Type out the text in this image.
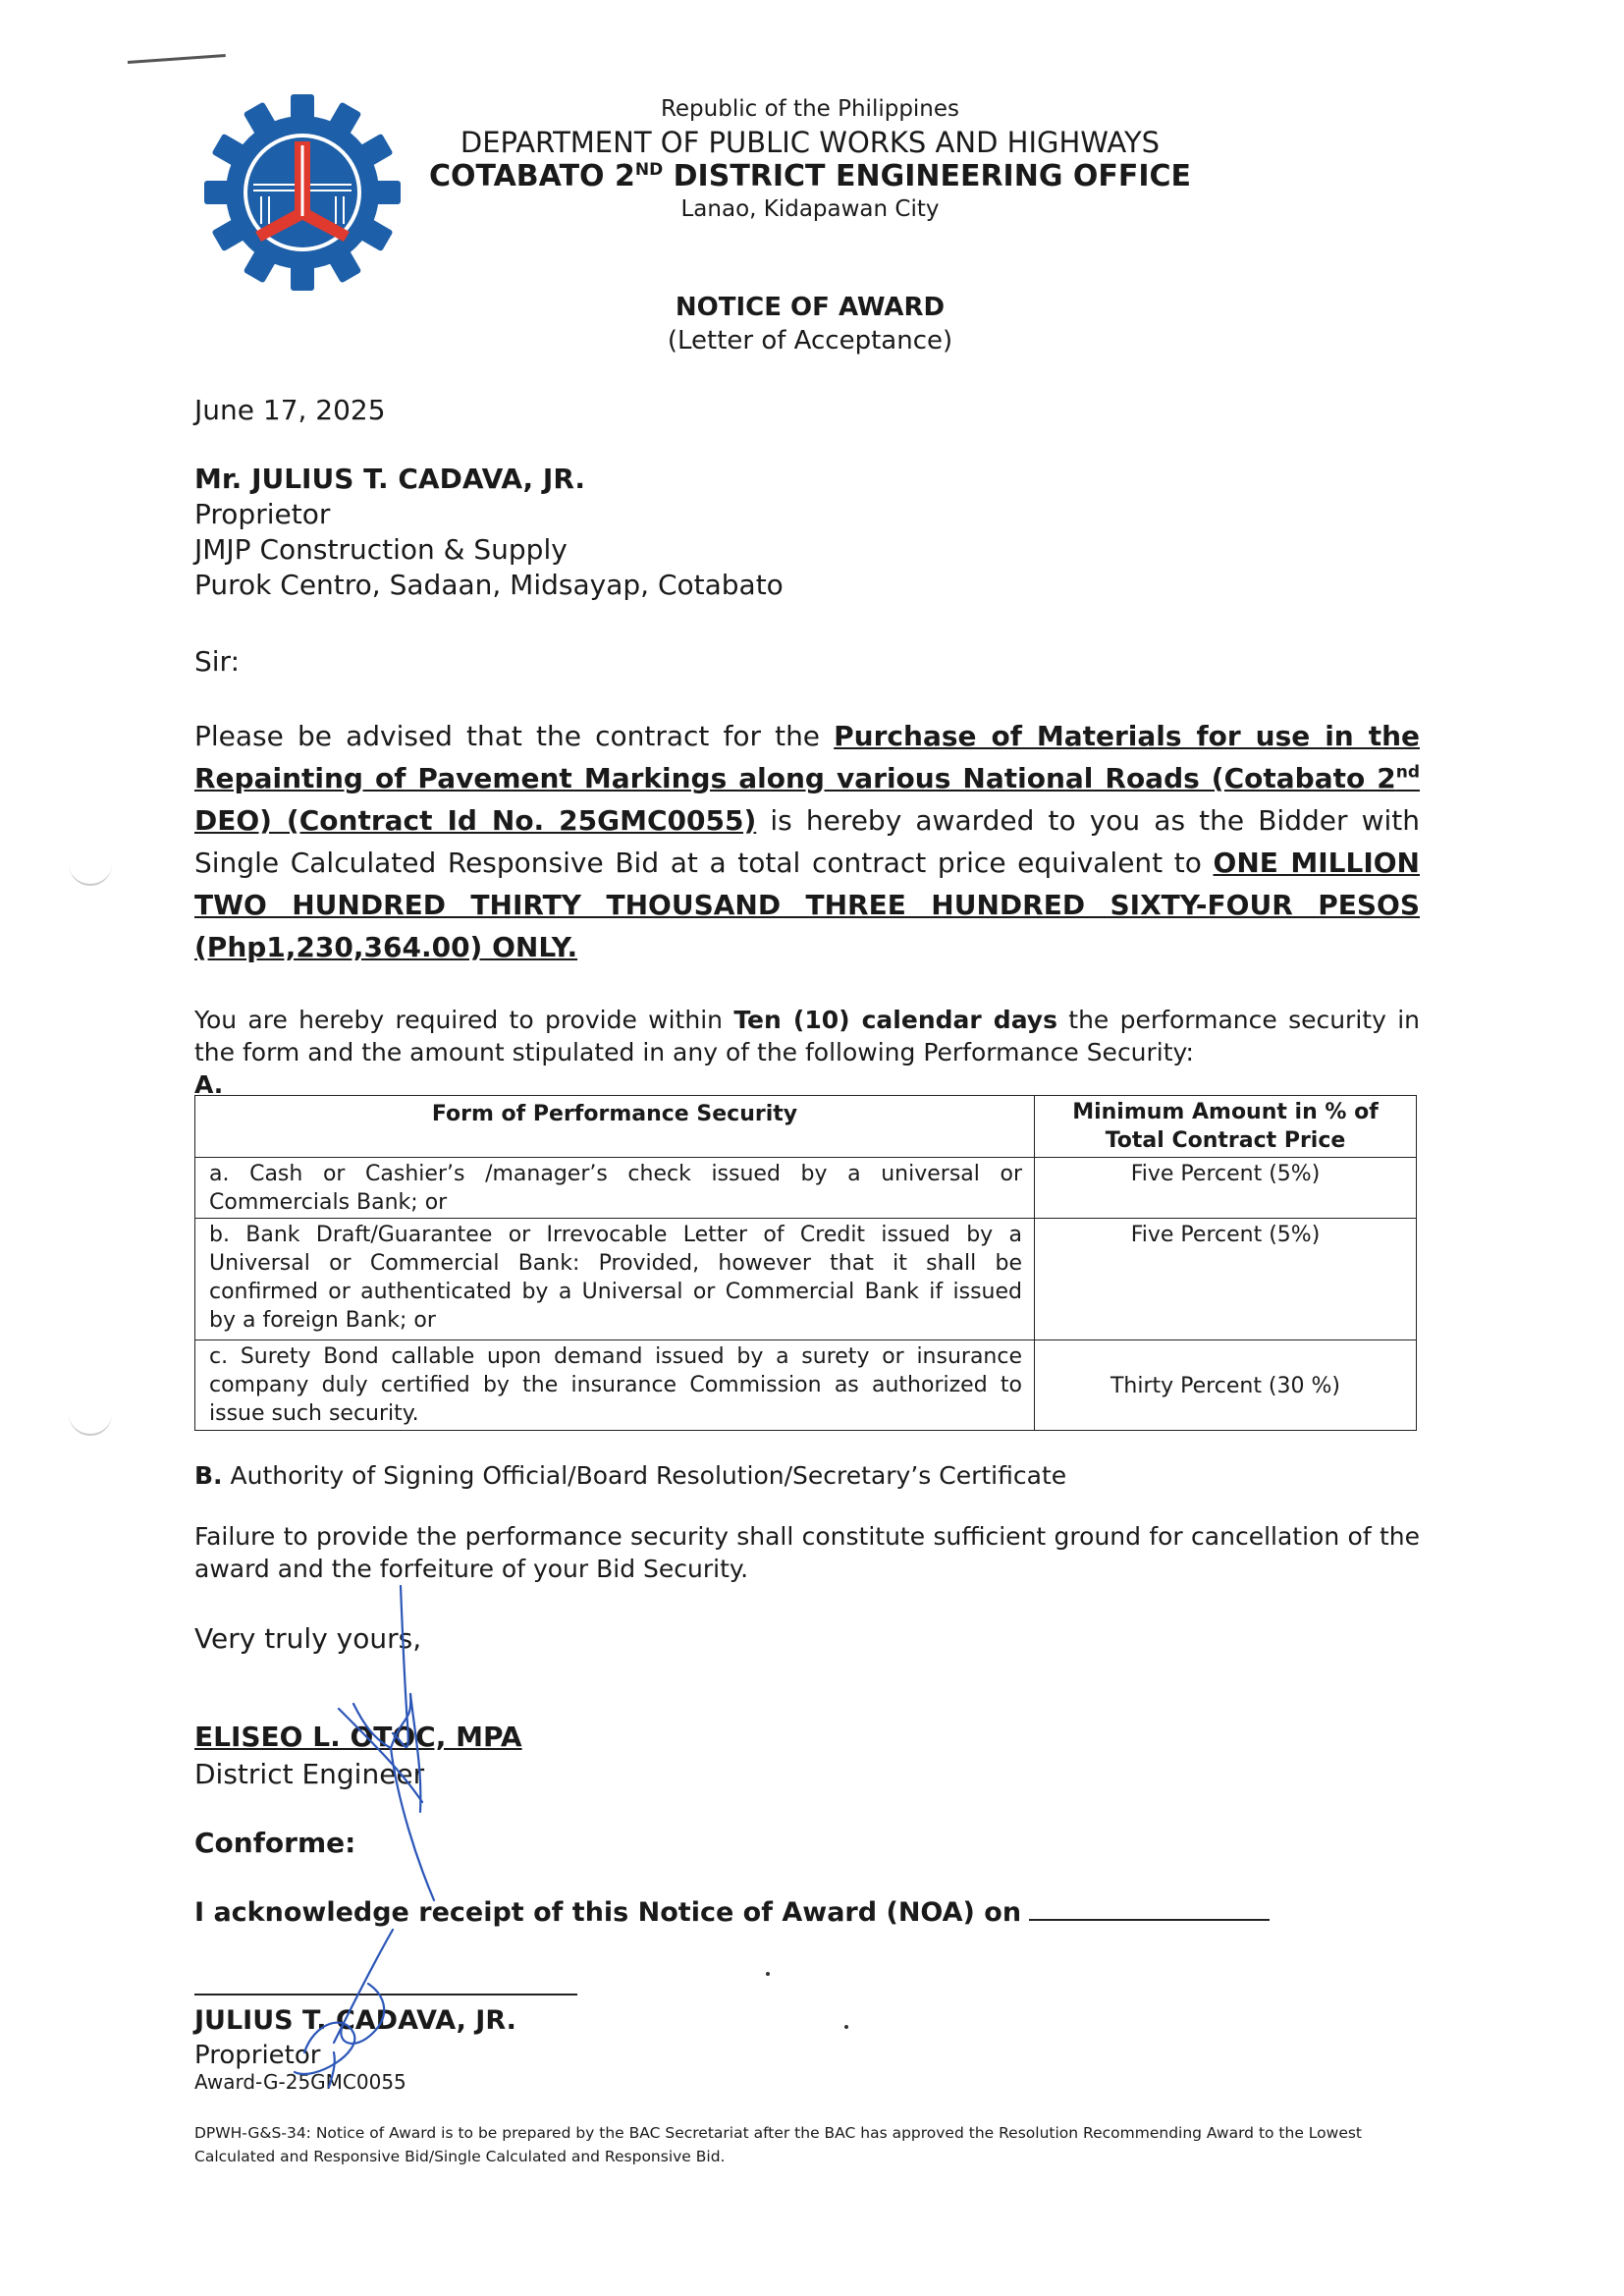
Republic of the Philippines
DEPARTMENT OF PUBLIC WORKS AND HIGHWAYS
COTABATO 2ND DISTRICT ENGINEERING OFFICE
Lanao, Kidapawan City
NOTICE OF AWARD
(Letter of Acceptance)
June 17, 2025
Mr. JULIUS T. CADAVA, JR.
Proprietor
JMJP Construction & Supply
Purok Centro, Sadaan, Midsayap, Cotabato
Sir:
Please be advised that the contract for the Purchase of Materials for use in the Repainting of Pavement Markings along various National Roads (Cotabato 2nd DEO) (Contract Id No. 25GMC0055) is hereby awarded to you as the Bidder with Single Calculated Responsive Bid at a total contract price equivalent to ONE MILLION TWO HUNDRED THIRTY THOUSAND THREE HUNDRED SIXTY-FOUR PESOS (Php1,230,364.00) ONLY.
You are hereby required to provide within Ten (10) calendar days the performance security in the form and the amount stipulated in any of the following Performance Security:
A.
Form of Performance Security	Minimum Amount in % of Total Contract Price
a. Cash or Cashier’s /manager’s check issued by a universal or Commercials Bank; or	Five Percent (5%)
b. Bank Draft/Guarantee or Irrevocable Letter of Credit issued by a Universal or Commercial Bank: Provided, however that it shall be confirmed or authenticated by a Universal or Commercial Bank if issued by a foreign Bank; or	Five Percent (5%)
c. Surety Bond callable upon demand issued by a surety or insurance company duly certified by the insurance Commission as authorized to issue such security.	Thirty Percent (30 %)
B. Authority of Signing Official/Board Resolution/Secretary’s Certificate
Failure to provide the performance security shall constitute sufficient ground for cancellation of the award and the forfeiture of your Bid Security.
Very truly yours,
ELISEO L. OTOC, MPA
District Engineer
Conforme:
I acknowledge receipt of this Notice of Award (NOA) on
JULIUS T. CADAVA, JR.
Proprietor
Award-G-25GMC0055
DPWH-G&S-34: Notice of Award is to be prepared by the BAC Secretariat after the BAC has approved the Resolution Recommending Award to the Lowest Calculated and Responsive Bid/Single Calculated and Responsive Bid.
